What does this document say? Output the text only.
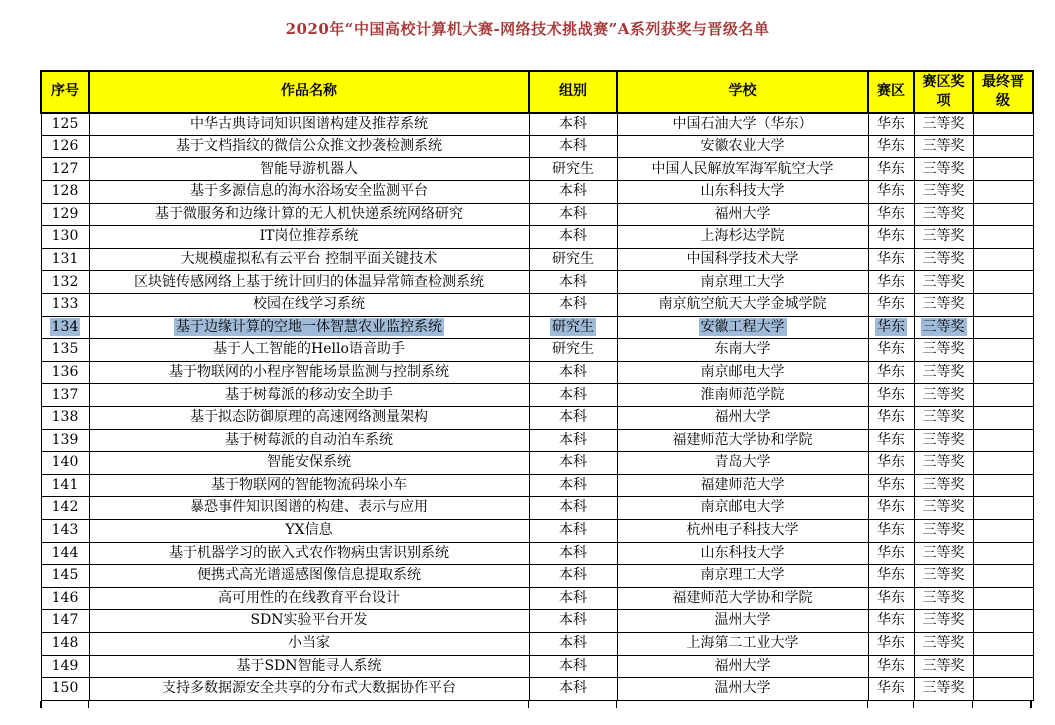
2020年“中国高校计算机大赛-网络技术挑战赛”A系列获奖与晋级名单
序号	作品名称	组别	学校	赛区	赛区奖项	最终晋级
125	中华古典诗词知识图谱构建及推荐系统	本科	中国石油大学（华东）	华东	三等奖	
126	基于文档指纹的微信公众推文抄袭检测系统	本科	安徽农业大学	华东	三等奖	
127	智能导游机器人	研究生	中国人民解放军海军航空大学	华东	三等奖	
128	基于多源信息的海水浴场安全监测平台	本科	山东科技大学	华东	三等奖	
129	基于微服务和边缘计算的无人机快递系统网络研究	本科	福州大学	华东	三等奖	
130	IT岗位推荐系统	本科	上海杉达学院	华东	三等奖	
131	大规模虚拟私有云平台 控制平面关键技术	研究生	中国科学技术大学	华东	三等奖	
132	区块链传感网络上基于统计回归的体温异常筛查检测系统	本科	南京理工大学	华东	三等奖	
133	校园在线学习系统	本科	南京航空航天大学金城学院	华东	三等奖	
134	基于边缘计算的空地一体智慧农业监控系统	研究生	安徽工程大学	华东	三等奖	
135	基于人工智能的Hello语音助手	研究生	东南大学	华东	三等奖	
136	基于物联网的小程序智能场景监测与控制系统	本科	南京邮电大学	华东	三等奖	
137	基于树莓派的移动安全助手	本科	淮南师范学院	华东	三等奖	
138	基于拟态防御原理的高速网络测量架构	本科	福州大学	华东	三等奖	
139	基于树莓派的自动泊车系统	本科	福建师范大学协和学院	华东	三等奖	
140	智能安保系统	本科	青岛大学	华东	三等奖	
141	基于物联网的智能物流码垛小车	本科	福建师范大学	华东	三等奖	
142	暴恐事件知识图谱的构建、表示与应用	本科	南京邮电大学	华东	三等奖	
143	YX信息	本科	杭州电子科技大学	华东	三等奖	
144	基于机器学习的嵌入式农作物病虫害识别系统	本科	山东科技大学	华东	三等奖	
145	便携式高光谱遥感图像信息提取系统	本科	南京理工大学	华东	三等奖	
146	高可用性的在线教育平台设计	本科	福建师范大学协和学院	华东	三等奖	
147	SDN实验平台开发	本科	温州大学	华东	三等奖	
148	小当家	本科	上海第二工业大学	华东	三等奖	
149	基于SDN智能寻人系统	本科	福州大学	华东	三等奖	
150	支持多数据源安全共享的分布式大数据协作平台	本科	温州大学	华东	三等奖	
